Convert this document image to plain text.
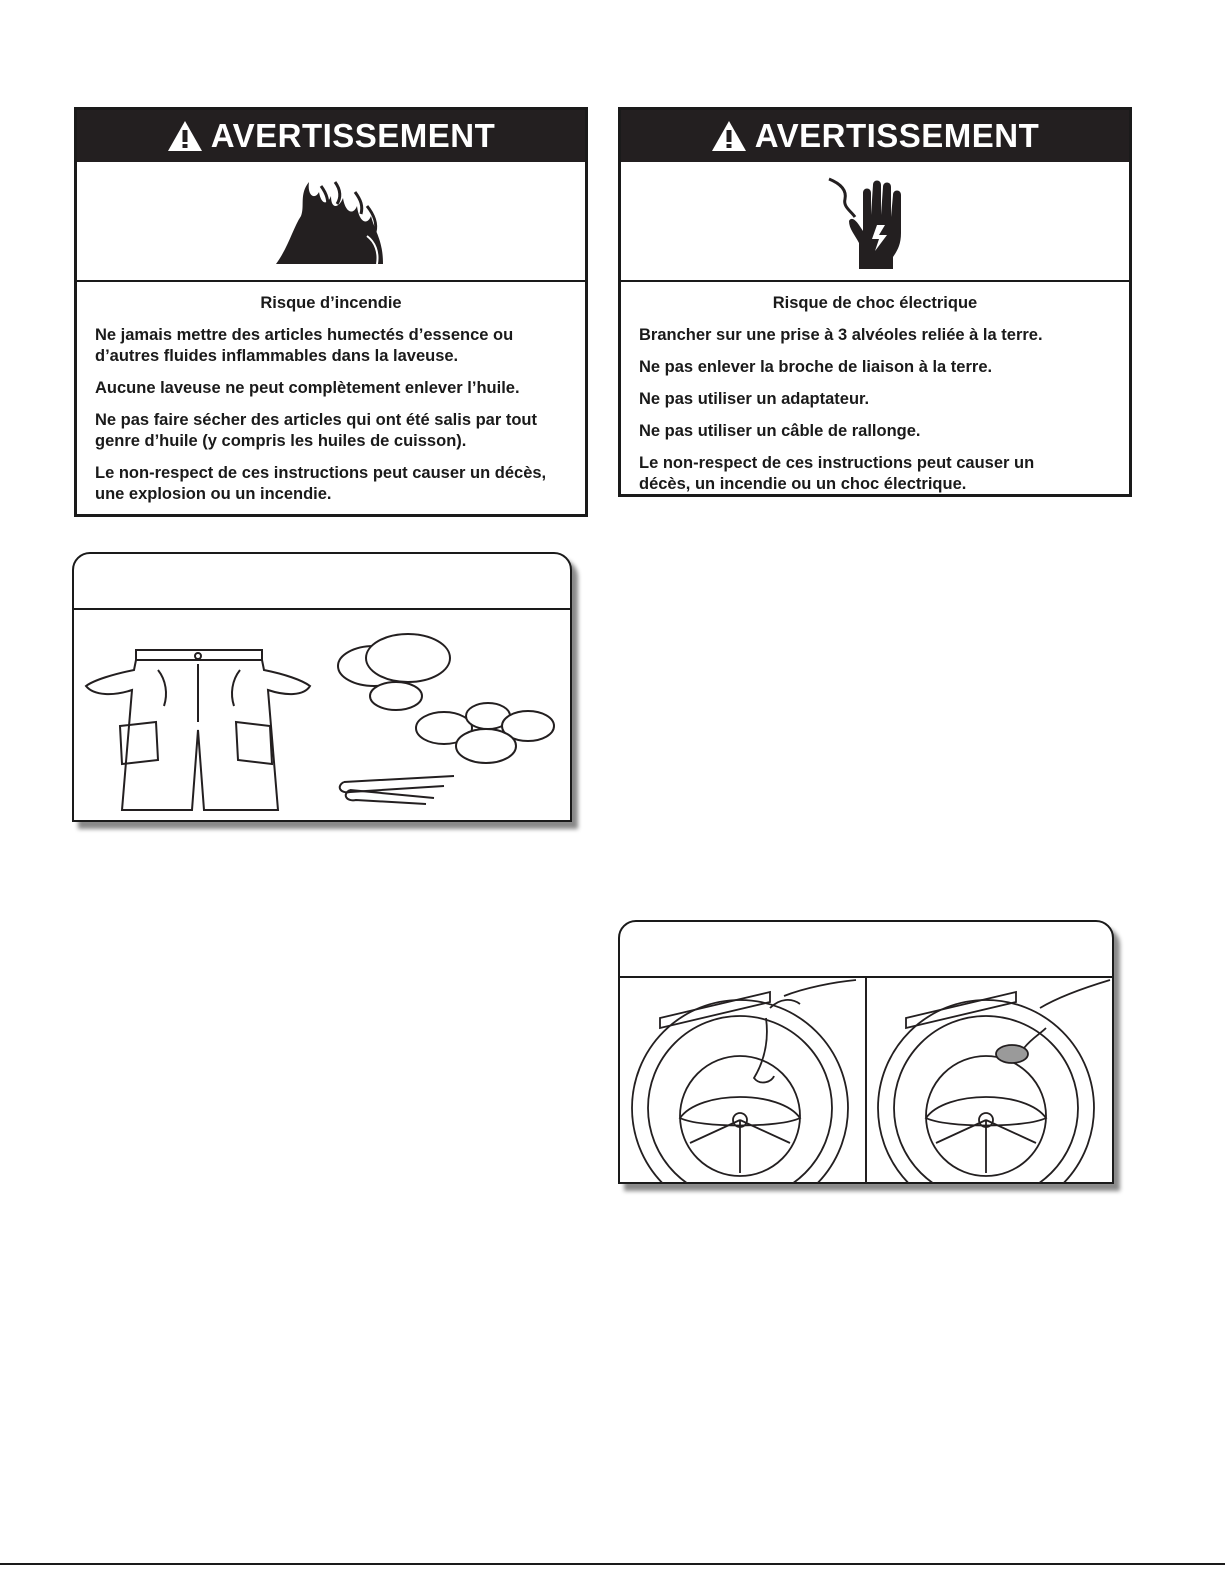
AVERTISSEMENT

Risque d’incendie

Ne jamais mettre des articles humectés d’essence ou d’autres fluides inflammables dans la laveuse.

Aucune laveuse ne peut complètement enlever l’huile.

Ne pas faire sécher des articles qui ont été salis par tout genre d’huile (y compris les huiles de cuisson).

Le non-respect de ces instructions peut causer un décès, une explosion ou un incendie.

AVERTISSEMENT

Risque de choc électrique

Brancher sur une prise à 3 alvéoles reliée à la terre.

Ne pas enlever la broche de liaison à la terre.

Ne pas utiliser un adaptateur.

Ne pas utiliser un câble de rallonge.

Le non-respect de ces instructions peut causer un décès, un incendie ou un choc électrique.
